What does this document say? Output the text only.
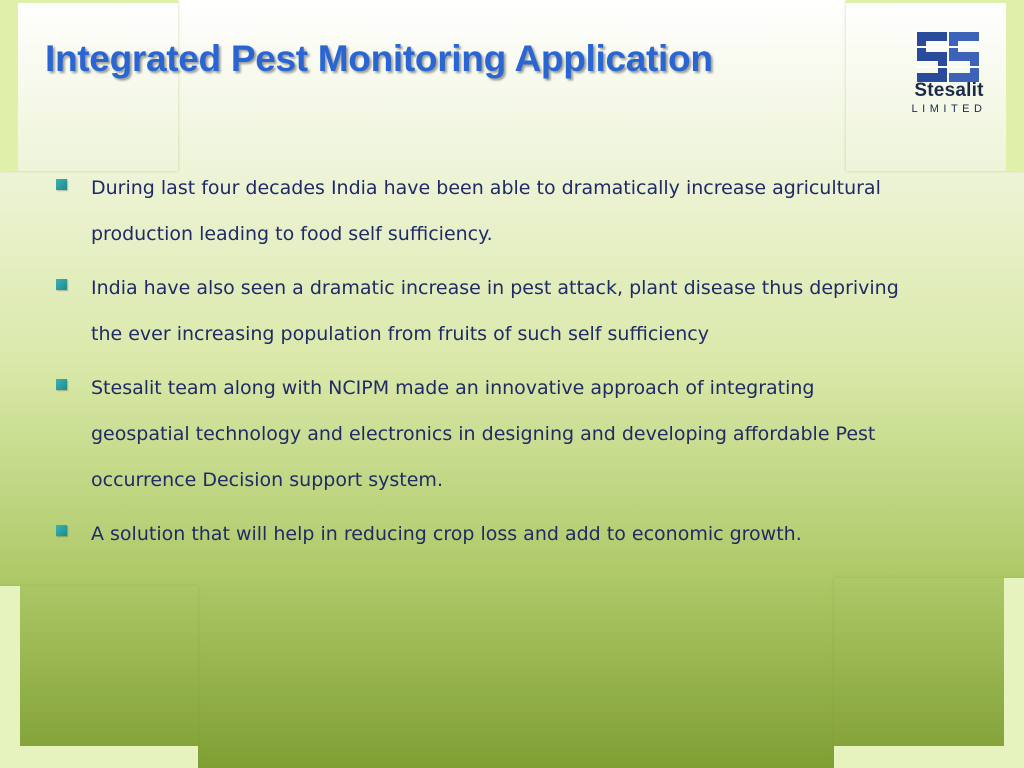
Integrated Pest Monitoring Application
Stesalit
LIMITED
During last four decades India have been able to dramatically increase agricultural production leading to food self sufficiency.
India have also seen a dramatic increase in pest attack, plant disease thus depriving the ever increasing population from fruits of such self sufficiency
Stesalit team along with NCIPM made an innovative approach of integrating geospatial technology and electronics in designing and developing affordable Pest occurrence Decision support system.
A solution that will help in reducing crop loss and add to economic growth.
